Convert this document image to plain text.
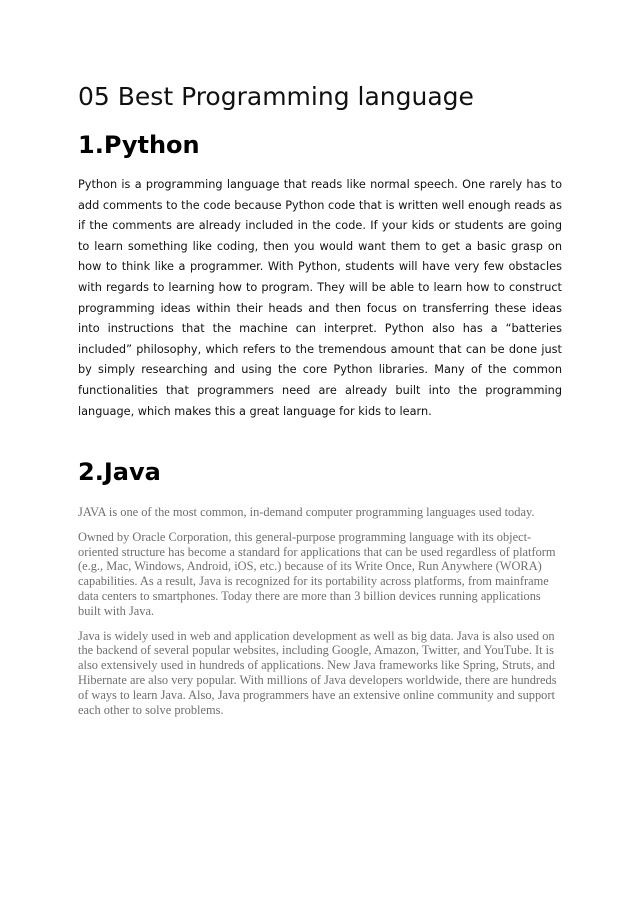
05 Best Programming language
1.Python

Python is a programming language that reads like normal speech. One rarely has to add comments to the code because Python code that is written well enough reads as if the comments are already included in the code. If your kids or students are going to learn something like coding, then you would want them to get a basic grasp on how to think like a programmer. With Python, students will have very few obstacles with regards to learning how to program. They will be able to learn how to construct programming ideas within their heads and then focus on transferring these ideas into instructions that the machine can interpret. Python also has a “batteries included” philosophy, which refers to the tremendous amount that can be done just by simply researching and using the core Python libraries. Many of the common functionalities that programmers need are already built into the programming language, which makes this a great language for kids to learn.

2.Java

JAVA is one of the most common, in-demand computer programming languages used today.

Owned by Oracle Corporation, this general-purpose programming language with its object-oriented structure has become a standard for applications that can be used regardless of platform (e.g., Mac, Windows, Android, iOS, etc.) because of its Write Once, Run Anywhere (WORA) capabilities. As a result, Java is recognized for its portability across platforms, from mainframe data centers to smartphones. Today there are more than 3 billion devices running applications built with Java.

Java is widely used in web and application development as well as big data. Java is also used on the backend of several popular websites, including Google, Amazon, Twitter, and YouTube. It is also extensively used in hundreds of applications. New Java frameworks like Spring, Struts, and Hibernate are also very popular. With millions of Java developers worldwide, there are hundreds of ways to learn Java. Also, Java programmers have an extensive online community and support each other to solve problems.
